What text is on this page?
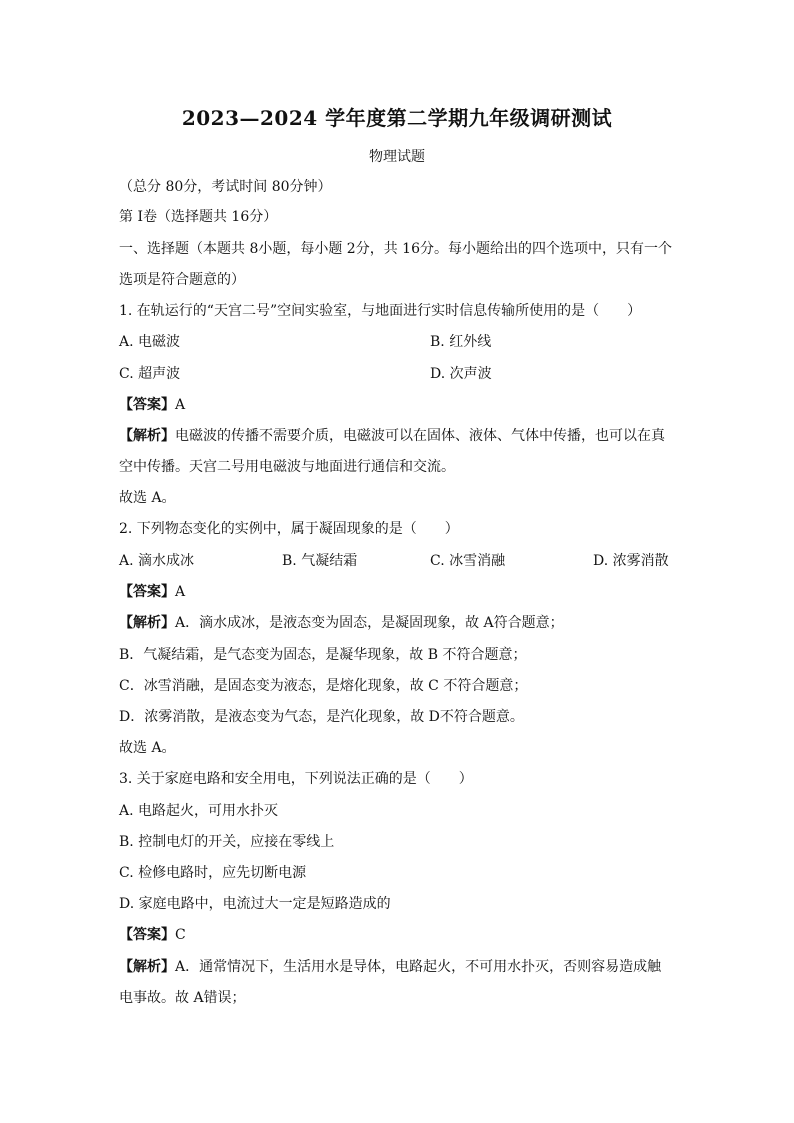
2023—2024 学年度第二学期九年级调研测试
物理试题
（总分 80分，考试时间 80分钟）
第 I卷（选择题共 16分）
一、选择题（本题共 8小题，每小题 2分，共 16分。每小题给出的四个选项中，只有一个
选项是符合题意的）
1. 在轨运行的“天宫二号”空间实验室，与地面进行实时信息传输所使用的是（　　）
A. 电磁波	B. 红外线
C. 超声波	D. 次声波
【答案】A
【解析】电磁波的传播不需要介质，电磁波可以在固体、液体、气体中传播，也可以在真
空中传播。天宫二号用电磁波与地面进行通信和交流。
故选 A。
2. 下列物态变化的实例中，属于凝固现象的是（　　）
A. 滴水成冰	B. 气凝结霜	C. 冰雪消融	D. 浓雾消散
【答案】A
【解析】A．滴水成冰，是液态变为固态，是凝固现象，故 A符合题意；
B．气凝结霜，是气态变为固态，是凝华现象，故 B 不符合题意；
C．冰雪消融，是固态变为液态，是熔化现象，故 C 不符合题意；
D．浓雾消散，是液态变为气态，是汽化现象，故 D不符合题意。
故选 A。
3. 关于家庭电路和安全用电，下列说法正确的是（　　）
A. 电路起火，可用水扑灭
B. 控制电灯的开关，应接在零线上
C. 检修电路时，应先切断电源
D. 家庭电路中，电流过大一定是短路造成的
【答案】C
【解析】A．通常情况下，生活用水是导体，电路起火，不可用水扑灭，否则容易造成触
电事故。故 A错误；
